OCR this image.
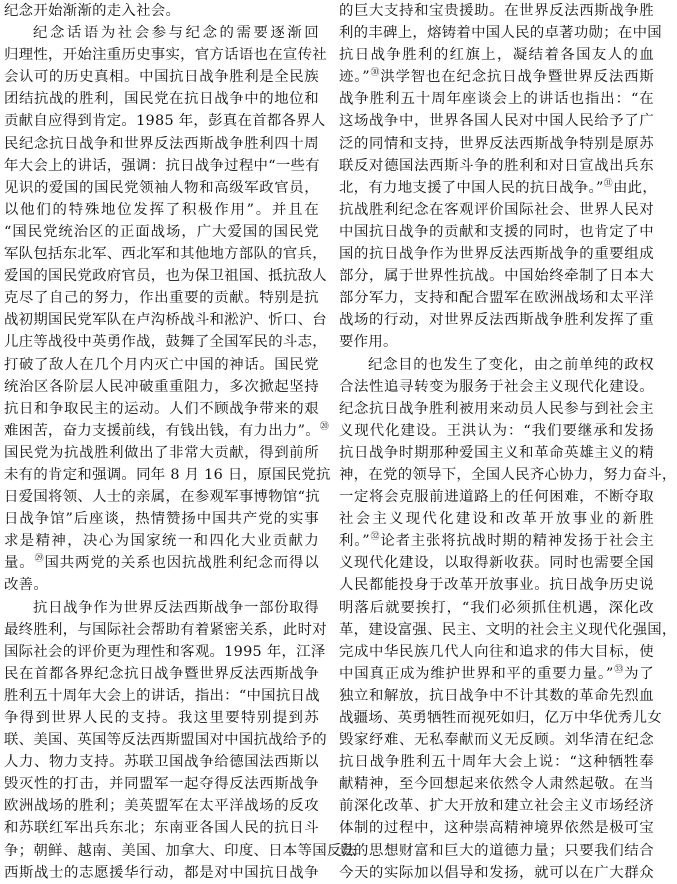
纪念开始渐渐的走入社会。
纪念话语为社会参与纪念的需要逐渐回
归理性，开始注重历史事实，官方话语也在宣传社
会认可的历史真相。中国抗日战争胜利是全民族
团结抗战的胜利，国民党在抗日战争中的地位和
贡献自应得到肯定。1985 年，彭真在首都各界人
民纪念抗日战争和世界反法西斯战争胜利四十周
年大会上的讲话，强调：抗日战争过程中“一些有
见识的爱国的国民党领袖人物和高级军政官员，
以他们的特殊地位发挥了积极作用”。并且在
“国民党统治区的正面战场，广大爱国的国民党
军队包括东北军、西北军和其他地方部队的官兵，
爱国的国民党政府官员，也为保卫祖国、抵抗敌人
克尽了自己的努力，作出重要的贡献。特别是抗
战初期国民党军队在卢沟桥战斗和淞沪、忻口、台
儿庄等战役中英勇作战，鼓舞了全国军民的斗志，
打破了敌人在几个月内灭亡中国的神话。国民党
统治区各阶层人民冲破重重阻力，多次掀起坚持
抗日和争取民主的运动。人们不顾战争带来的艰
难困苦，奋力支援前线，有钱出钱，有力出力”。⑳
国民党为抗战胜利做出了非常大贡献，得到前所
未有的肯定和强调。同年 8 月 16 日，原国民党抗
日爱国将领、人士的亲属，在参观军事博物馆“抗
日战争馆”后座谈，热情赞扬中国共产党的实事
求是精神，决心为国家统一和四化大业贡献力
量。$^㉙$国共两党的关系也因抗战胜利纪念而得以
改善。
抗日战争作为世界反法西斯战争一部份取得
最终胜利，与国际社会帮助有着紧密关系，此时对
国际社会的评价更为理性和客观。1995 年，江泽
民在首都各界纪念抗日战争暨世界反法西斯战争
胜利五十周年大会上的讲话，指出：“中国抗日战
争得到世界人民的支持。我这里要特别提到苏
联、美国、英国等反法西斯盟国对中国抗战给予的
人力、物力支持。苏联卫国战争给德国法西斯以
毁灭性的打击，并同盟军一起夺得反法西斯战争
欧洲战场的胜利；美英盟军在太平洋战场的反攻
和苏联红军出兵东北；东南亚各国人民的抗日斗
争；朝鲜、越南、美国、加拿大、印度、日本等国反法
西斯战士的志愿援华行动，都是对中国抗日战争
的巨大支持和宝贵援助。在世界反法西斯战争胜
利的丰碑上，熔铸着中国人民的卓著功勋；在中国
抗日战争胜利的红旗上，凝结着各国友人的血
迹。”$^㉚$洪学智也在纪念抗日战争暨世界反法西斯
战争胜利五十周年座谈会上的讲话也指出：“在
这场战争中，世界各国人民对中国人民给予了广
泛的同情和支持，世界反法西斯战争特别是原苏
联反对德国法西斯斗争的胜利和对日宣战出兵东
北，有力地支援了中国人民的抗日战争。”$^㉛$由此，
抗战胜利纪念在客观评价国际社会、世界人民对
中国抗日战争的贡献和支援的同时，也肯定了中
国的抗日战争作为世界反法西斯战争的重要组成
部分，属于世界性抗战。中国始终牵制了日本大
部分军力，支持和配合盟军在欧洲战场和太平洋
战场的行动，对世界反法西斯战争胜利发挥了重
要作用。
纪念目的也发生了变化，由之前单纯的政权
合法性追寻转变为服务于社会主义现代化建设。
纪念抗日战争胜利被用来动员人民参与到社会主
义现代化建设。王洪认为：“我们要继承和发扬
抗日战争时期那种爱国主义和革命英雄主义的精
神，在党的领导下，全国人民齐心协力，努力奋斗，
一定将会克服前进道路上的任何困难，不断夺取
社会主义现代化建设和改革开放事业的新胜
利。”$^㉜$论者主张将抗战时期的精神发扬于社会主
义现代化建设，以取得新收获。同时也需要全国
人民都能投身于改革开放事业。抗日战争历史说
明落后就要挨打，“我们必须抓住机遇，深化改
革，建设富强、民主、文明的社会主义现代化强国，
完成中华民族几代人向往和追求的伟大目标，使
中国真正成为维护世界和平的重要力量。”$^㉝$为了
独立和解放，抗日战争中不计其数的革命先烈血
战疆场、英勇牺牲而视死如归，亿万中华优秀儿女
毁家纾难、无私奉献而义无反顾。刘华清在纪念
抗日战争胜利五十周年大会上说：“这种牺牲奉
献精神，至今回想起来依然令人肃然起敬。在当
前深化改革、扩大开放和建立社会主义市场经济
体制的过程中，这种崇高精神境界依然是极可宝
贵的思想财富和巨大的道德力量；只要我们结合
今天的实际加以倡导和发扬，就可以在广大群众
